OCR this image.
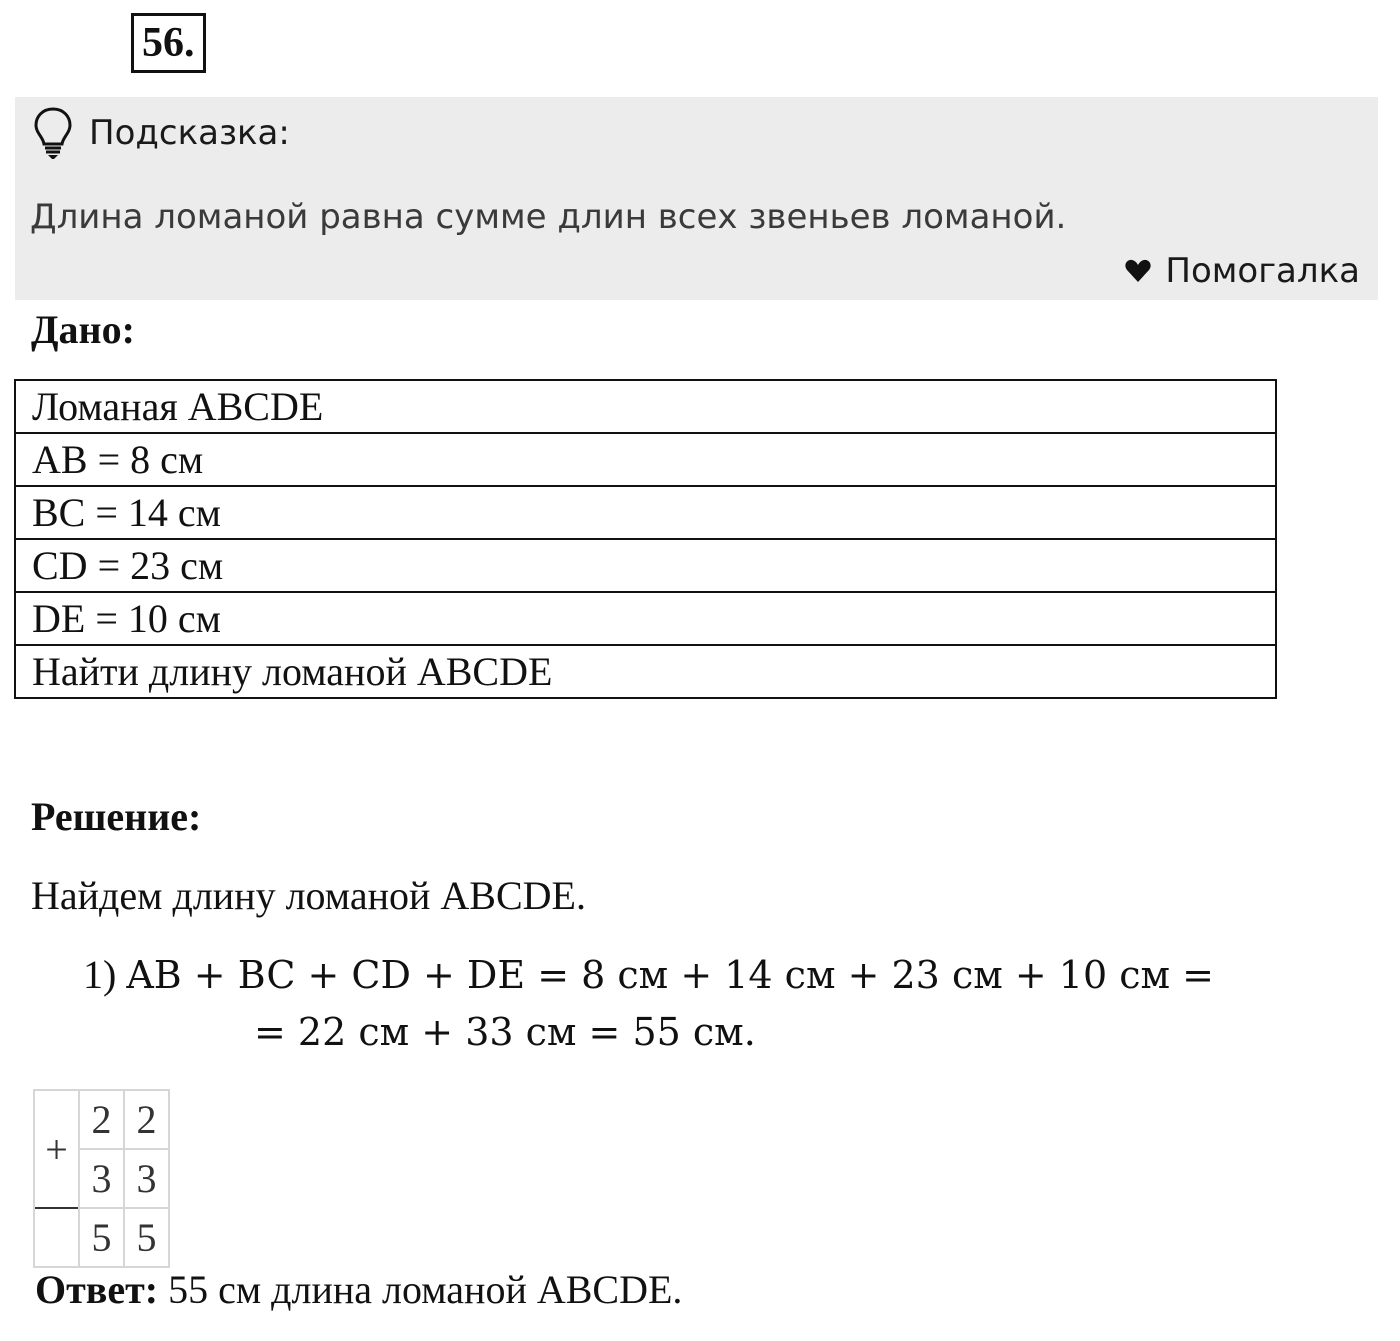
56.
Подсказка:
Длина ломаной равна сумме длин всех звеньев ломаной.
Помогалка
Дано:
Ломаная ABCDE
AB = 8 см
BC = 14 см
CD = 23 см
DE = 10 см
Найти длину ломаной ABCDE
Решение:
Найдем длину ломаной ABCDE.
1) AB + BC + CD + DE = 8 см + 14 см + 23 см + 10 см =
= 22 см + 33 см = 55 см.
+	2	2
	3	3
	5	5
Ответ: 55 см длина ломаной ABCDE.
